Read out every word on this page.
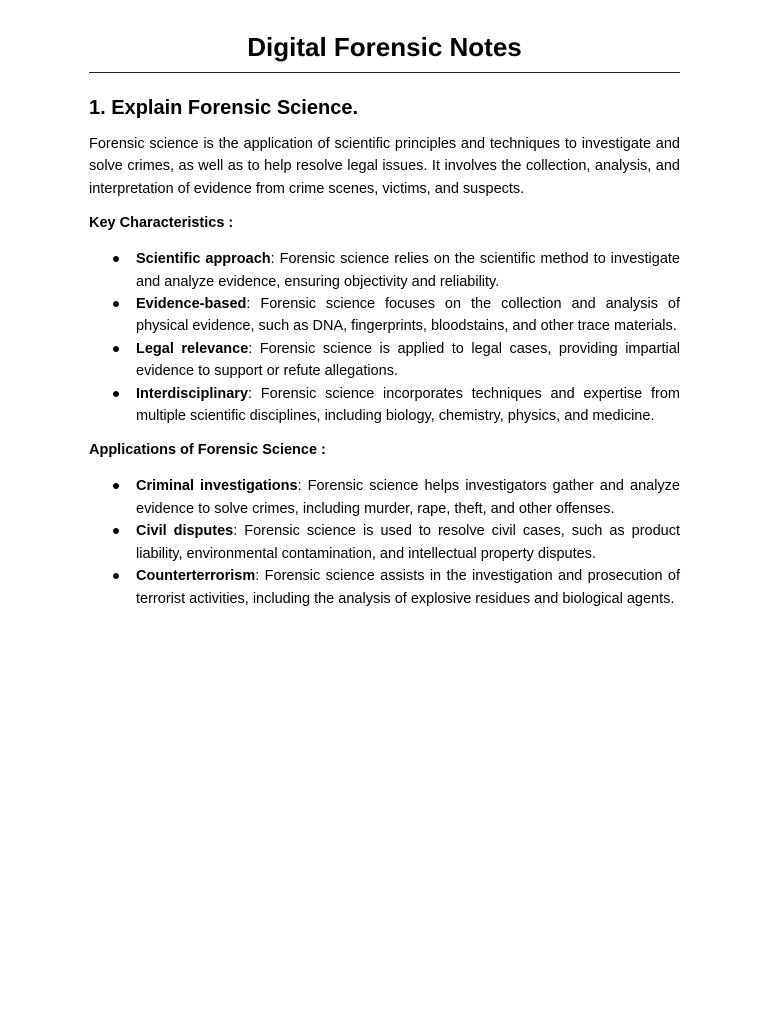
Digital Forensic Notes
1. Explain Forensic Science.

Forensic science is the application of scientific principles and techniques to investigate and solve crimes, as well as to help resolve legal issues. It involves the collection, analysis, and interpretation of evidence from crime scenes, victims, and suspects.

Key Characteristics :

Scientific approach: Forensic science relies on the scientific method to investigate and analyze evidence, ensuring objectivity and reliability.
Evidence-based: Forensic science focuses on the collection and analysis of physical evidence, such as DNA, fingerprints, bloodstains, and other trace materials.
Legal relevance: Forensic science is applied to legal cases, providing impartial evidence to support or refute allegations.
Interdisciplinary: Forensic science incorporates techniques and expertise from multiple scientific disciplines, including biology, chemistry, physics, and medicine.

Applications of Forensic Science :

Criminal investigations: Forensic science helps investigators gather and analyze evidence to solve crimes, including murder, rape, theft, and other offenses.
Civil disputes: Forensic science is used to resolve civil cases, such as product liability, environmental contamination, and intellectual property disputes.
Counterterrorism: Forensic science assists in the investigation and prosecution of terrorist activities, including the analysis of explosive residues and biological agents.
